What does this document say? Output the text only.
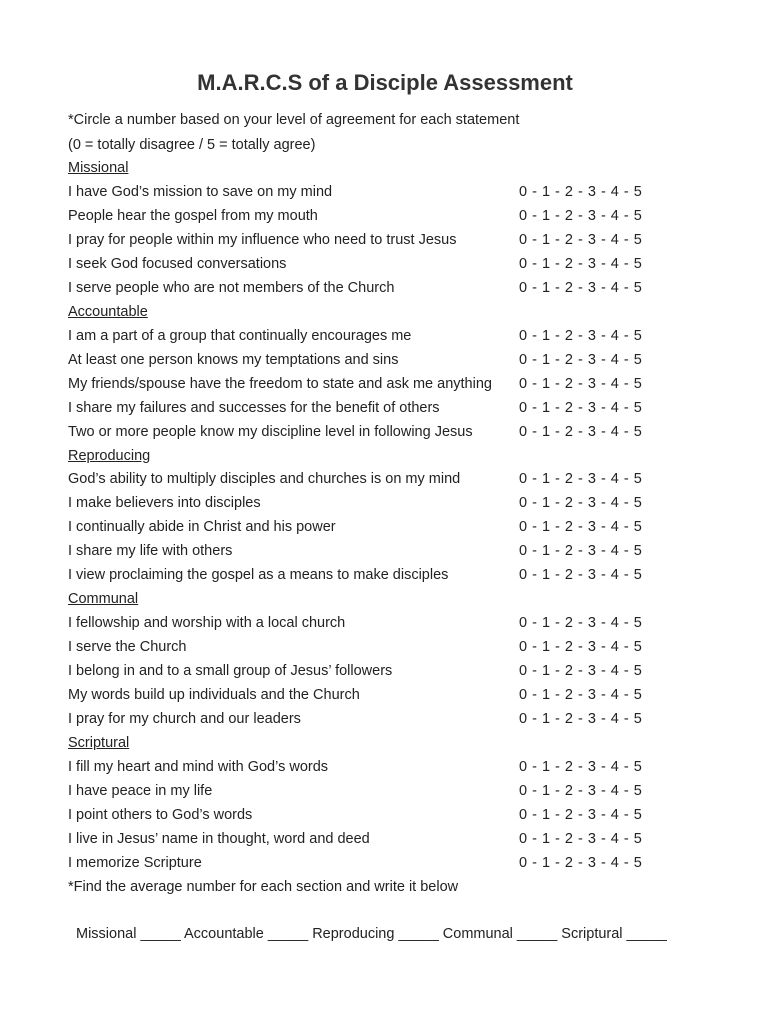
M.A.R.C.S of a Disciple Assessment
*Circle a number based on your level of agreement for each statement
(0 = totally disagree / 5 = totally agree)
Missional
I have God’s mission to save on my mind	0 - 1 - 2 - 3 - 4 - 5
People hear the gospel from my mouth	0 - 1 - 2 - 3 - 4 - 5
I pray for people within my influence who need to trust Jesus	0 - 1 - 2 - 3 - 4 - 5
I seek God focused conversations	0 - 1 - 2 - 3 - 4 - 5
I serve people who are not members of the Church	0 - 1 - 2 - 3 - 4 - 5
Accountable
I am a part of a group that continually encourages me	0 - 1 - 2 - 3 - 4 - 5
At least one person knows my temptations and sins	0 - 1 - 2 - 3 - 4 - 5
My friends/spouse have the freedom to state and ask me anything 0 - 1 - 2 - 3 - 4 - 5
I share my failures and successes for the benefit of others	0 - 1 - 2 - 3 - 4 - 5
Two or more people know my discipline level in following Jesus	0 - 1 - 2 - 3 - 4 - 5
Reproducing
God’s ability to multiply disciples and churches is on my mind	0 - 1 - 2 - 3 - 4 - 5
I make believers into disciples	0 - 1 - 2 - 3 - 4 - 5
I continually abide in Christ and his power	0 - 1 - 2 - 3 - 4 - 5
I share my life with others	0 - 1 - 2 - 3 - 4 - 5
I view proclaiming the gospel as a means to make disciples	0 - 1 - 2 - 3 - 4 - 5
Communal
I fellowship and worship with a local church	0 - 1 - 2 - 3 - 4 - 5
I serve the Church	0 - 1 - 2 - 3 - 4 - 5
I belong in and to a small group of Jesus’ followers	0 - 1 - 2 - 3 - 4 - 5
My words build up individuals and the Church	0 - 1 - 2 - 3 - 4 - 5
I pray for my church and our leaders	0 - 1 - 2 - 3 - 4 - 5
Scriptural
I fill my heart and mind with God’s words	0 - 1 - 2 - 3 - 4 - 5
I have peace in my life	0 - 1 - 2 - 3 - 4 - 5
I point others to God’s words	0 - 1 - 2 - 3 - 4 - 5
I live in Jesus’ name in thought, word and deed	0 - 1 - 2 - 3 - 4 - 5
I memorize Scripture	0 - 1 - 2 - 3 - 4 - 5
*Find the average number for each section and write it below
Missional _____ Accountable _____ Reproducing _____ Communal _____ Scriptural _____
